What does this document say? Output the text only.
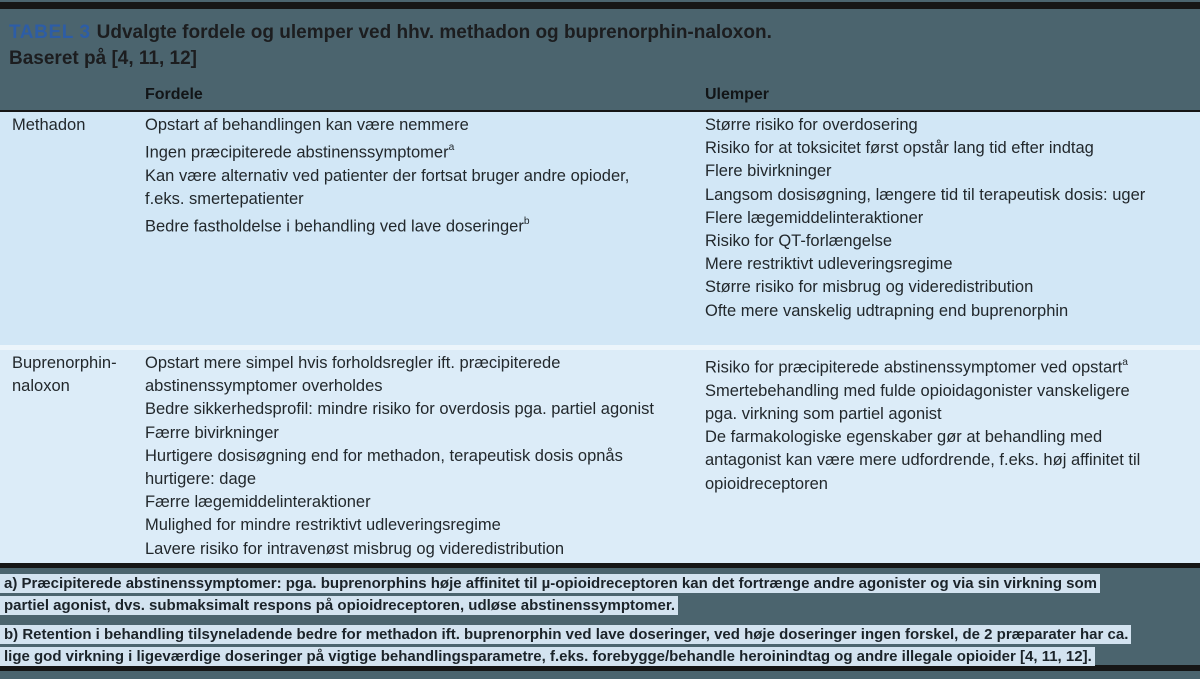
TABEL 3 Udvalgte fordele og ulemper ved hhv. methadon og buprenorphin-naloxon.
Baseret på [4, 11, 12]
Fordele	Ulemper
Methadon	Opstart af behandlingen kan være nemmere
Ingen præcipiterede abstinenssymptomer$^a$
Kan være alternativ ved patienter der fortsat bruger andre opioder,
f.eks. smertepatienter
Bedre fastholdelse i behandling ved lave doseringer$^b$
Større risiko for overdosering
Risiko for at toksicitet først opstår lang tid efter indtag
Flere bivirkninger
Langsom dosisøgning, længere tid til terapeutisk dosis: uger
Flere lægemiddelinteraktioner
Risiko for QT-forlængelse
Mere restriktivt udleveringsregime
Større risiko for misbrug og videredistribution
Ofte mere vanskelig udtrapning end buprenorphin
Buprenorphin-
naloxon
Opstart mere simpel hvis forholdsregler ift. præcipiterede
abstinenssymptomer overholdes
Bedre sikkerhedsprofil: mindre risiko for overdosis pga. partiel agonist
Færre bivirkninger
Hurtigere dosisøgning end for methadon, terapeutisk dosis opnås
hurtigere: dage
Færre lægemiddelinteraktioner
Mulighed for mindre restriktivt udleveringsregime
Lavere risiko for intravenøst misbrug og videredistribution
Risiko for præcipiterede abstinenssymptomer ved opstart$^a$
Smertebehandling med fulde opioidagonister vanskeligere
pga. virkning som partiel agonist
De farmakologiske egenskaber gør at behandling med
antagonist kan være mere udfordrende, f.eks. høj affinitet til
opioidreceptoren
a) Præcipiterede abstinenssymptomer: pga. buprenorphins høje affinitet til µ-opioidreceptoren kan det fortrænge andre agonister og via sin virkning som
partiel agonist, dvs. submaksimalt respons på opioidreceptoren, udløse abstinenssymptomer.
b) Retention i behandling tilsyneladende bedre for methadon ift. buprenorphin ved lave doseringer, ved høje doseringer ingen forskel, de 2 præparater har ca.
lige god virkning i ligeværdige doseringer på vigtige behandlingsparametre, f.eks. forebygge/behandle heroinindtag og andre illegale opioider [4, 11, 12].
